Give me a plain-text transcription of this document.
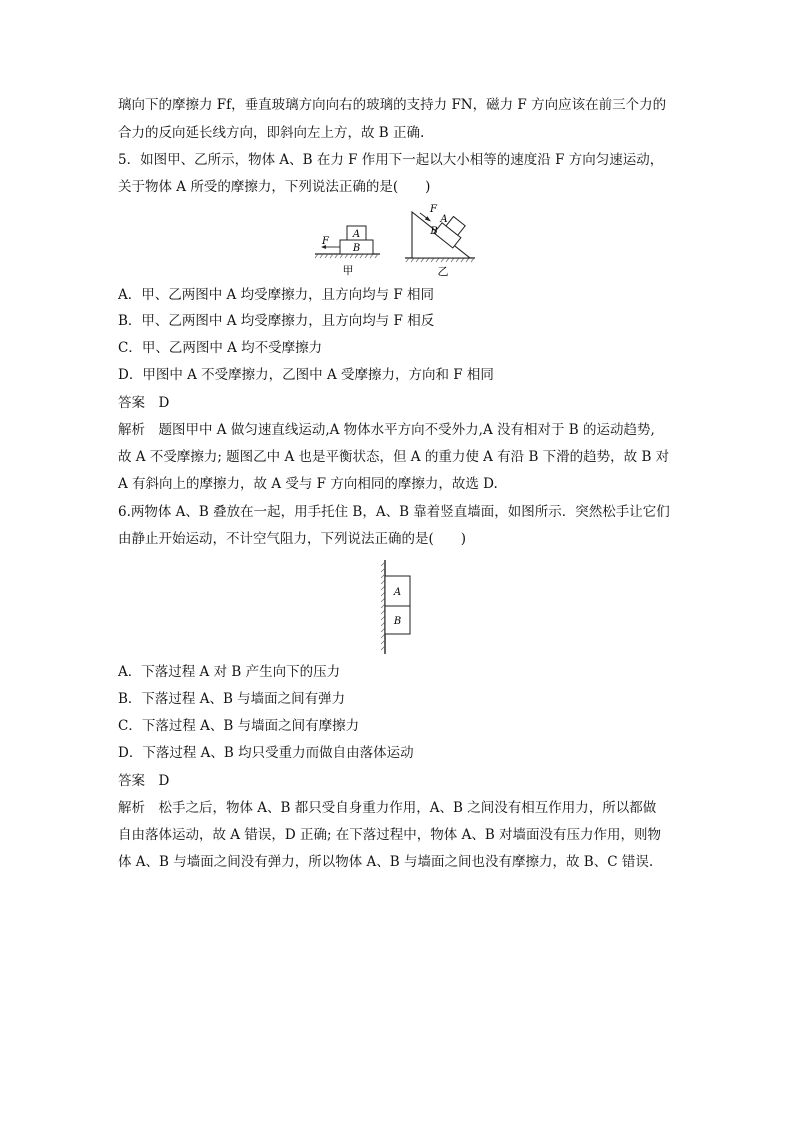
璃向下的摩擦力 Ff，垂直玻璃方向向右的玻璃的支持力 FN，磁力 F 方向应该在前三个力的
合力的反向延长线方向，即斜向左上方，故 B 正确.
5．如图甲、乙所示，物体 A、B 在力 F 作用下一起以大小相等的速度沿 F 方向匀速运动，
关于物体 A 所受的摩擦力，下列说法正确的是(　　)
A
B
F
甲
B
A
F
乙
A．甲、乙两图中 A 均受摩擦力，且方向均与 F 相同
B．甲、乙两图中 A 均受摩擦力，且方向均与 F 相反
C．甲、乙两图中 A 均不受摩擦力
D．甲图中 A 不受摩擦力，乙图中 A 受摩擦力，方向和 F 相同
答案　D
解析　题图甲中 A 做匀速直线运动,A 物体水平方向不受外力,A 没有相对于 B 的运动趋势,
故 A 不受摩擦力; 题图乙中 A 也是平衡状态，但 A 的重力使 A 有沿 B 下滑的趋势，故 B 对
A 有斜向上的摩擦力，故 A 受与 F 方向相同的摩擦力，故选 D.
6.两物体 A、B 叠放在一起，用手托住 B，A、B 靠着竖直墙面，如图所示．突然松手让它们
由静止开始运动，不计空气阻力，下列说法正确的是(　　)
A
B
A．下落过程 A 对 B 产生向下的压力
B．下落过程 A、B 与墙面之间有弹力
C．下落过程 A、B 与墙面之间有摩擦力
D．下落过程 A、B 均只受重力而做自由落体运动
答案　D
解析　松手之后，物体 A、B 都只受自身重力作用，A、B 之间没有相互作用力，所以都做
自由落体运动，故 A 错误，D 正确; 在下落过程中，物体 A、B 对墙面没有压力作用，则物
体 A、B 与墙面之间没有弹力，所以物体 A、B 与墙面之间也没有摩擦力，故 B、C 错误.
